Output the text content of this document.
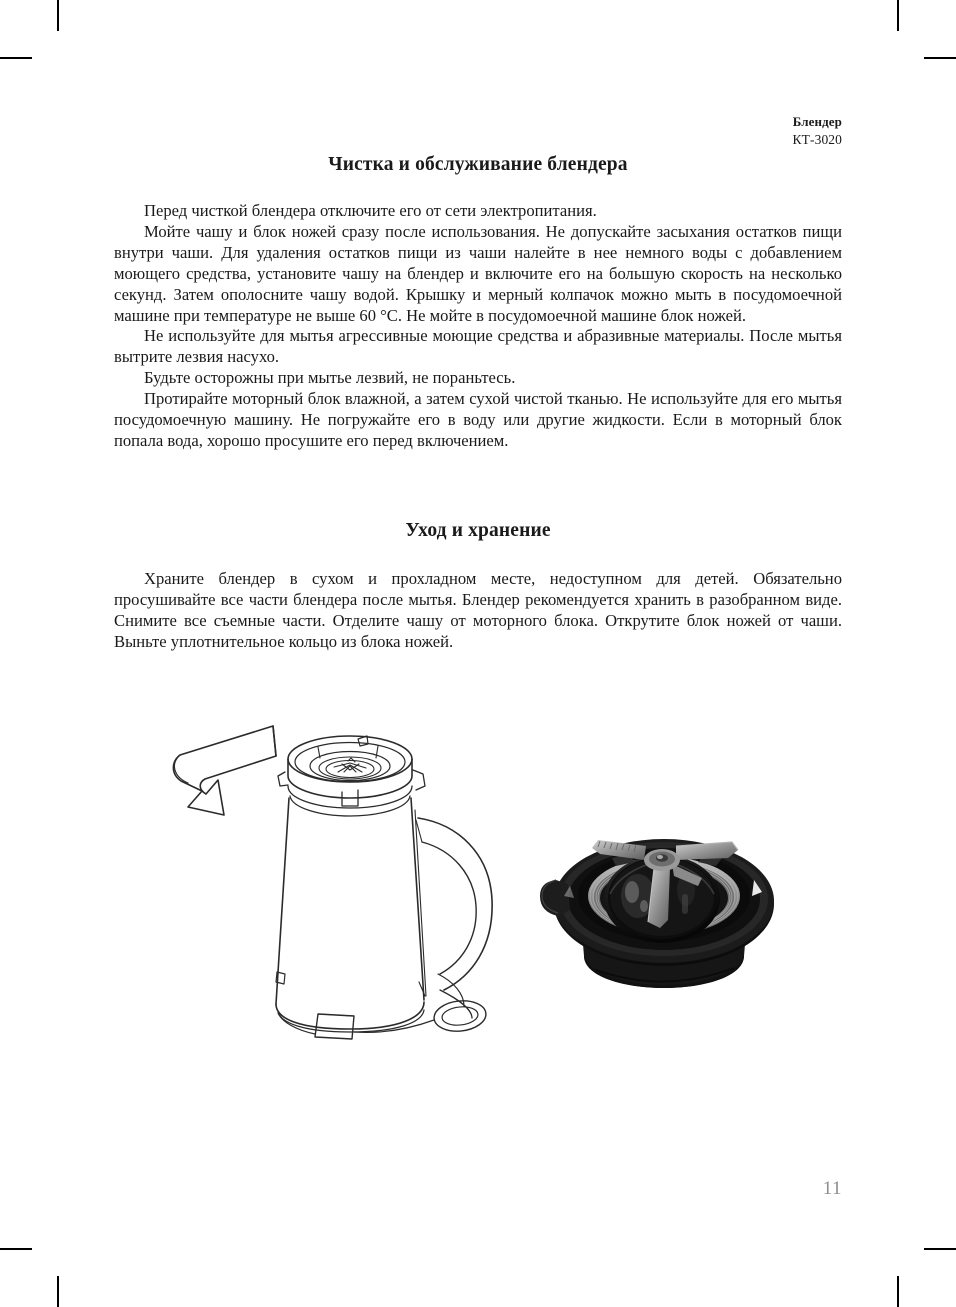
Блендер
КТ-3020
Чистка и обслуживание блендера

Перед чисткой блендера отключите его от сети электропитания.

Мойте чашу и блок ножей сразу после использования. Не допускайте засыхания остатков пищи внутри чаши. Для удаления остатков пищи из чаши налейте в нее немного воды с добавлением моющего средства, установите чашу на блендер и включите его на большую скорость на несколько секунд. Затем ополосните чашу водой. Крышку и мерный колпачок можно мыть в посудомоечной машине при температуре не выше 60 °C. Не мойте в посудомоечной машине блок ножей.

Не используйте для мытья агрессивные моющие средства и абразивные материалы. После мытья вытрите лезвия насухо.

Будьте осторожны при мытье лезвий, не пораньтесь.

Протирайте моторный блок влажной, а затем сухой чистой тканью. Не используйте для его мытья посудомоечную машину. Не погружайте его в воду или другие жидкости. Если в моторный блок попала вода, хорошо просушите его перед включением.

Уход и хранение

Храните блендер в сухом и прохладном месте, недоступном для детей. Обязательно просушивайте все части блендера после мытья. Блендер рекомендуется хранить в разобранном виде. Снимите все съемные части. Отделите чашу от моторного блока. Открутите блок ножей от чаши. Выньте уплотнительное кольцо из блока ножей.

11
